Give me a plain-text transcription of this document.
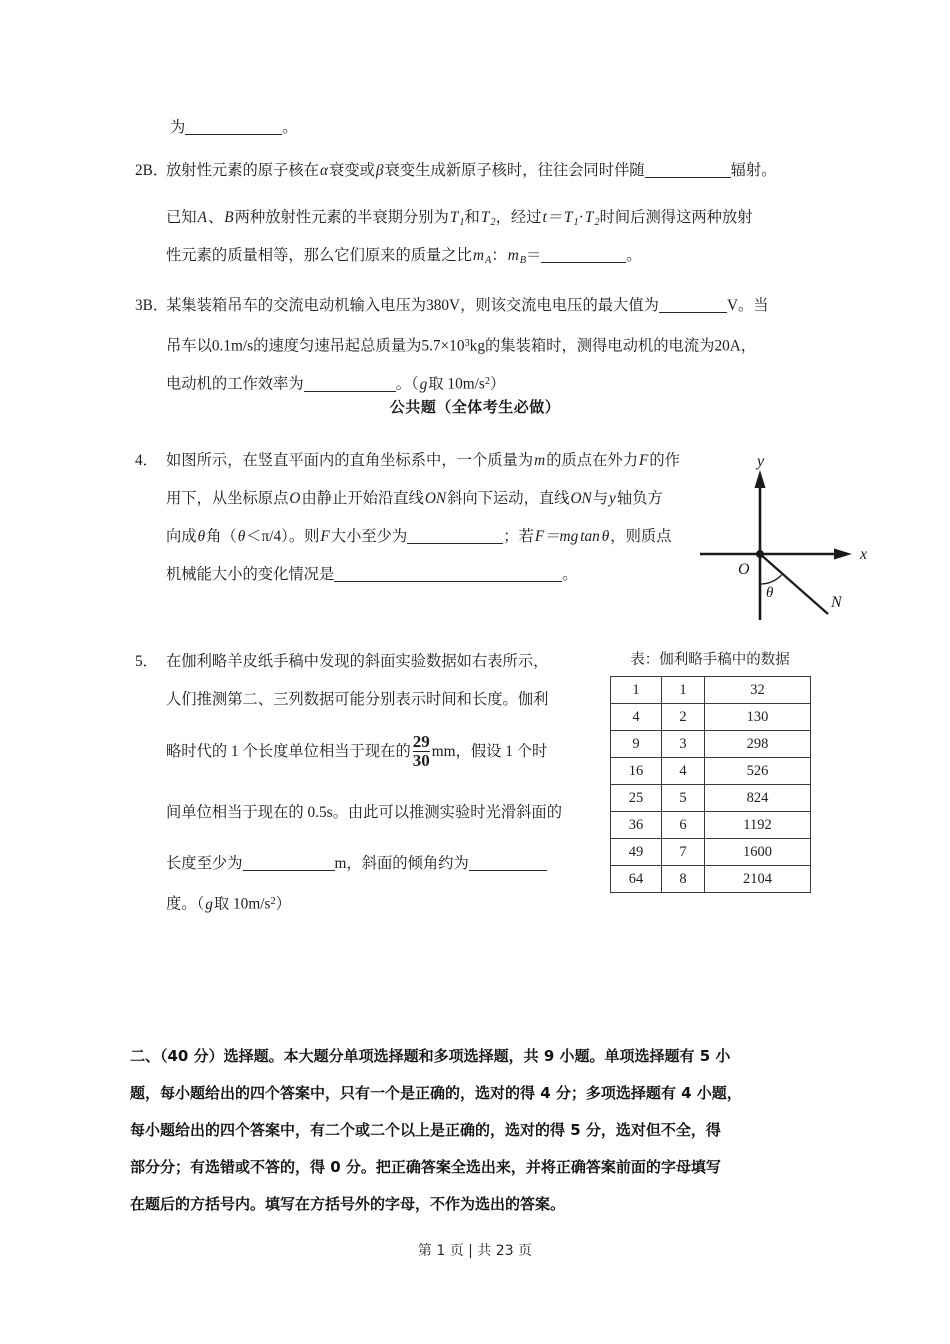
为	。
2B．放射性元素的原子核在α衰变或β衰变生成新原子核时，往往会同时伴随	辐射。
已知A、B两种放射性元素的半衰期分别为$T_1$和$T_2$，经过$t= T_1\cdot T_2$时间后测得这两种放射
性元素的质量相等，那么它们原来的质量之比$m_A$：$m_B=$	。
3B．某集装箱吊车的交流电动机输入电压为380V，则该交流电电压的最大值为	V。当
吊车以0.1m/s的速度匀速吊起总质量为$5.7\times 10^3kg$的集装箱时，测得电动机的电流为20A，
电动机的工作效率为	。（g取 $10m/s^2$）
公共题（全体考生必做）
4． 如图所示，在竖直平面内的直角坐标系中，一个质量为m的质点在外力F的作
用下，从坐标原点O由静止开始沿直线ON斜向下运动，直线ON与y轴负方
向成θ角（θ＜π/4）。则F大小至少为	；若F＝mg tan θ，则质点
机械能大小的变化情况是	。
y
x
O
θ
N
5． 在伽利略羊皮纸手稿中发现的斜面实验数据如右表所示，
人们推测第二、三列数据可能分别表示时间和长度。伽利
略时代的 1 个长度单位相当于现在的 $\frac{29}{30}$ mm，假设 1 个时
间单位相当于现在的 0.5s。由此可以推测实验时光滑斜面的
长度至少为	m，斜面的倾角约为
度。（g取 $10m/s^2$）
表：伽利略手稿中的数据
1	1	32
4	2	130
9	3	298
16	4	526
25	5	824
36	6	1192
49	7	1600
64	8	2104
二、（40 分）选择题。本大题分单项选择题和多项选择题，共 9 小题。单项选择题有 5 小
题，每小题给出的四个答案中，只有一个是正确的，选对的得 4 分；多项选择题有 4 小题，
每小题给出的四个答案中，有二个或二个以上是正确的，选对的得 5 分，选对但不全，得
部分分；有选错或不答的，得 0 分。把正确答案全选出来，并将正确答案前面的字母填写
在题后的方括号内。填写在方括号外的字母，不作为选出的答案。
第 1 页 | 共 23 页
